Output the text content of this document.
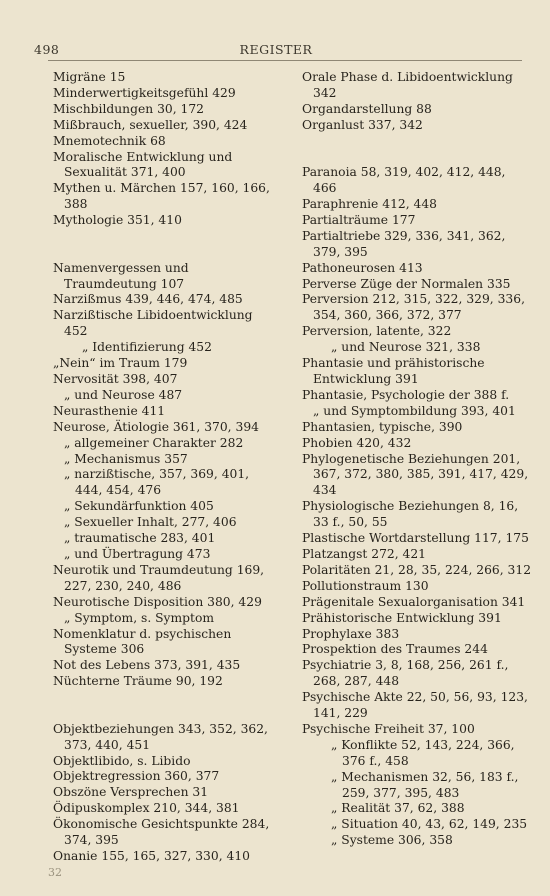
498	REGISTER

Migräne 15

Minderwertigkeitsgefühl 429

Mischbildungen 30, 172

Mißbrauch, sexueller, 390, 424

Mnemotechnik 68

Moralische Entwicklung und Sexualität 371, 400

Mythen u. Märchen 157, 160, 166, 388

Mythologie 351, 410

Namenvergessen und Traumdeutung 107

Narzißmus 439, 446, 474, 485

Narzißtische Libidoentwicklung 452

„ Identifizierung 452

„Nein“ im Traum 179

Nervosität 398, 407

„ und Neurose 487

Neurasthenie 411

Neurose, Ätiologie 361, 370, 394

„ allgemeiner Charakter 282

„ Mechanismus 357

„ narzißtische, 357, 369, 401, 444, 454, 476

„ Sekundärfunktion 405

„ Sexueller Inhalt, 277, 406

„ traumatische 283, 401

„ und Übertragung 473

Neurotik und Traumdeutung 169, 227, 230, 240, 486

Neurotische Disposition 380, 429

„ Symptom, s. Symptom

Nomenklatur d. psychischen Systeme 306

Not des Lebens 373, 391, 435

Nüchterne Träume 90, 192

Objektbeziehungen 343, 352, 362, 373, 440, 451

Objektlibido, s. Libido

Objektregression 360, 377

Obszöne Versprechen 31

Ödipuskomplex 210, 344, 381

Ökonomische Gesichtspunkte 284, 374, 395

Onanie 155, 165, 327, 330, 410

Orale Phase d. Libidoentwicklung 342

Organdarstellung 88

Organlust 337, 342

Paranoia 58, 319, 402, 412, 448, 466

Paraphrenie 412, 448

Partialträume 177

Partialtriebe 329, 336, 341, 362, 379, 395

Pathoneurosen 413

Perverse Züge der Normalen 335

Perversion 212, 315, 322, 329, 336, 354, 360, 366, 372, 377

Perversion, latente, 322

„ und Neurose 321, 338

Phantasie und prähistorische Entwicklung 391

Phantasie, Psychologie der 388 f.

„ und Symptombildung 393, 401

Phantasien, typische, 390

Phobien 420, 432

Phylogenetische Beziehungen 201, 367, 372, 380, 385, 391, 417, 429, 434

Physiologische Beziehungen 8, 16, 33 f., 50, 55

Plastische Wortdarstellung 117, 175

Platzangst 272, 421

Polaritäten 21, 28, 35, 224, 266, 312

Pollutionstraum 130

Prägenitale Sexualorganisation 341

Prähistorische Entwicklung 391

Prophylaxe 383

Prospektion des Traumes 244

Psychiatrie 3, 8, 168, 256, 261 f., 268, 287, 448

Psychische Akte 22, 50, 56, 93, 123, 141, 229

Psychische Freiheit 37, 100

„ Konflikte 52, 143, 224, 366, 376 f., 458

„ Mechanismen 32, 56, 183 f., 259, 377, 395, 483

„ Realität 37, 62, 388

„ Situation 40, 43, 62, 149, 235

„ Systeme 306, 358

32
